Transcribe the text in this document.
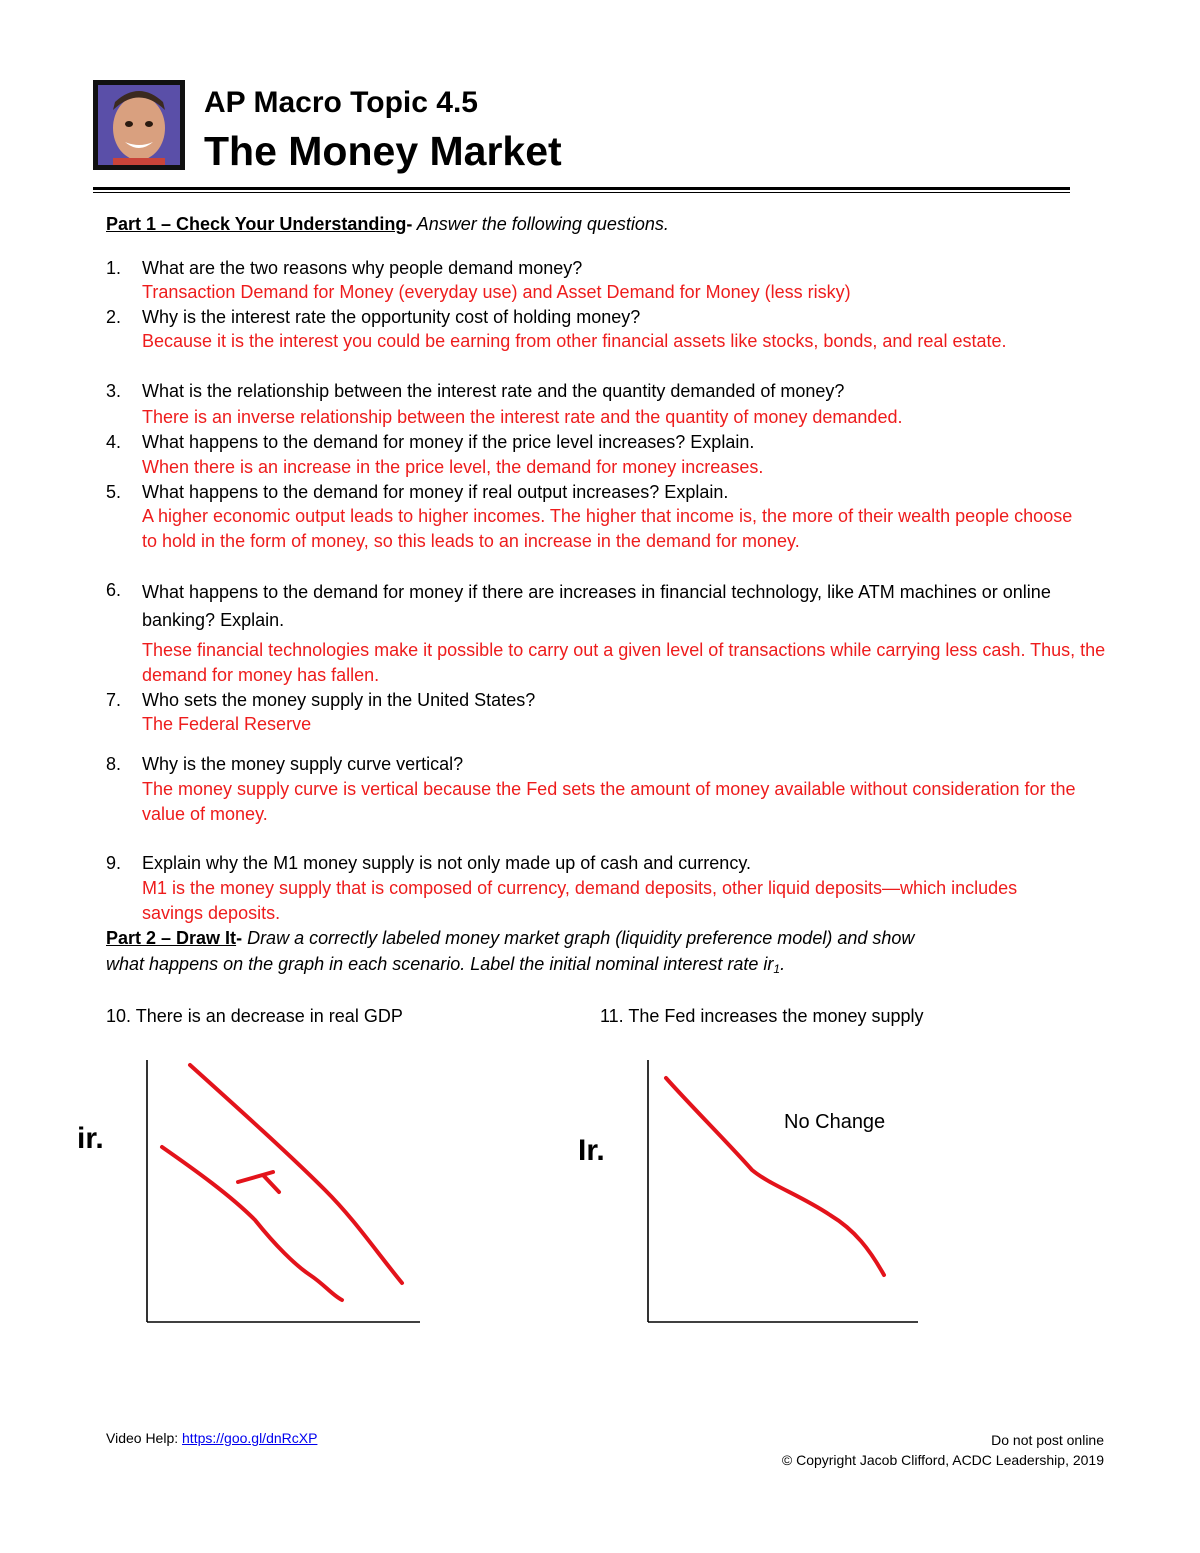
AP Macro Topic 4.5
The Money Market
Part 1 – Check Your Understanding- Answer the following questions.
1. What are the two reasons why people demand money?
Transaction Demand for Money (everyday use) and Asset Demand for Money (less risky)
2. Why is the interest rate the opportunity cost of holding money?
Because it is the interest you could be earning from other financial assets like stocks, bonds, and real estate.
3. What is the relationship between the interest rate and the quantity demanded of money?
There is an inverse relationship between the interest rate and the quantity of money demanded.
4. What happens to the demand for money if the price level increases? Explain.
When there is an increase in the price level, the demand for money increases.
5. What happens to the demand for money if real output increases? Explain.
A higher economic output leads to higher incomes. The higher that income is, the more of their wealth people choose to hold in the form of money, so this leads to an increase in the demand for money.
6. What happens to the demand for money if there are increases in financial technology, like ATM machines or online banking? Explain.
These financial technologies make it possible to carry out a given level of transactions while carrying less cash. Thus, the demand for money has fallen.
7. Who sets the money supply in the United States?
The Federal Reserve
8. Why is the money supply curve vertical?
The money supply curve is vertical because the Fed sets the amount of money available without consideration for the value of money.
9. Explain why the M1 money supply is not only made up of cash and currency.
M1 is the money supply that is composed of currency, demand deposits, other liquid deposits—which includes savings deposits.
Part 2 – Draw It- Draw a correctly labeled money market graph (liquidity preference model) and show
what happens on the graph in each scenario. Label the initial nominal interest rate ir1.
10. There is an decrease in real GDP	11. The Fed increases the money supply
ir.	Ir.
No Change
Video Help: https://goo.gl/dnRcXP	Do not post online
© Copyright Jacob Clifford, ACDC Leadership, 2019
